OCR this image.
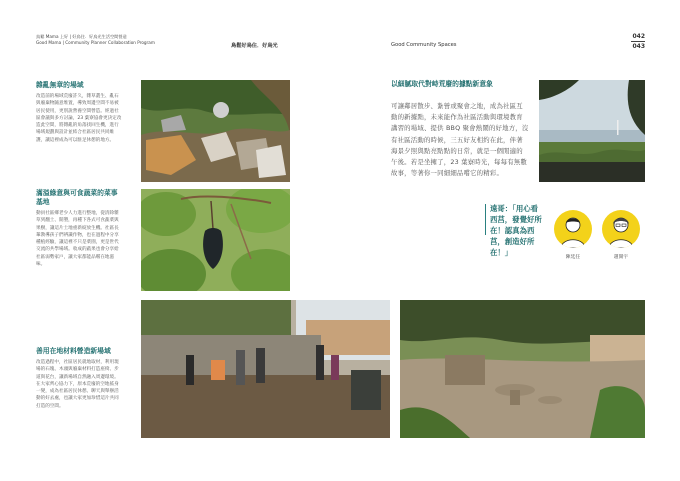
鳥鬆 Mama 上好 | 好鳥住．好鳥光生活空間營造
Good Mama | Community Planner Collaboration Program
鳥鬆好鳥住．好鳥光	Good Community Spaces
042
043
雜亂無章的場域
改造前的場域荒廢許久，雜草叢生、亂石與廢棄物隨意堆置，導致周邊空間不易被居民使用，更別說營養空間營造。經過社區會議與多方討論，23 葉寮協會更決定改造此空間，將雜亂的角落找回生機，進行場域規劃與設計並結合社區居民共同維護，讓這裡成為可以駐足休憩的地方。
滿溢綠意與可食蔬菜的菜事基地
動員社區鄉老少人力進行整地，從清除雜草到翻土、開墾，再種下各式可食蔬菜與果樹，讓這片土地重新綻放生機。社區長輩教導孩子們辨識作物，也在過程中分享種植經驗，讓這裡不只是菜園，更是世代交流的共學場域。收成的蔬果也會分享給社區弱勢家戶，讓大家都能品嚐在地滋味。
善用在地材料營造新場域
改造過程中，社區居民就地取材，利用現場的石塊、木頭與廢棄材料打造座椅、步道與花台，讓新場域自然融入周邊環境。在大家齊心協力下，原本荒廢的空地搖身一變，成為社區居民休憩、聊天與舉辦活動的好去處，也讓大家更加珍惜這片共同打造的空間。
以細膩取代對峙荒廢的據點新意象
可讓鄰居散步、紮營或聚會之地，成為社區互動的新據點，未來能作為社區活動與環境教育講習的場域、提供 BBQ 聚會熱鬧的好地方，沒有社區活動的時候，三五好友相約在此，伴著海景夕照與點亮點點的日常，就是一個閒適的午後。若是坐擁了，23 葉寮時光，每每有無數故事，等著你一同細細品嚐它的精彩。
遠哥：「用心看西莒，發覺好所在！認真為西莒，創造好所在！」
陳廷任	趙開宇
